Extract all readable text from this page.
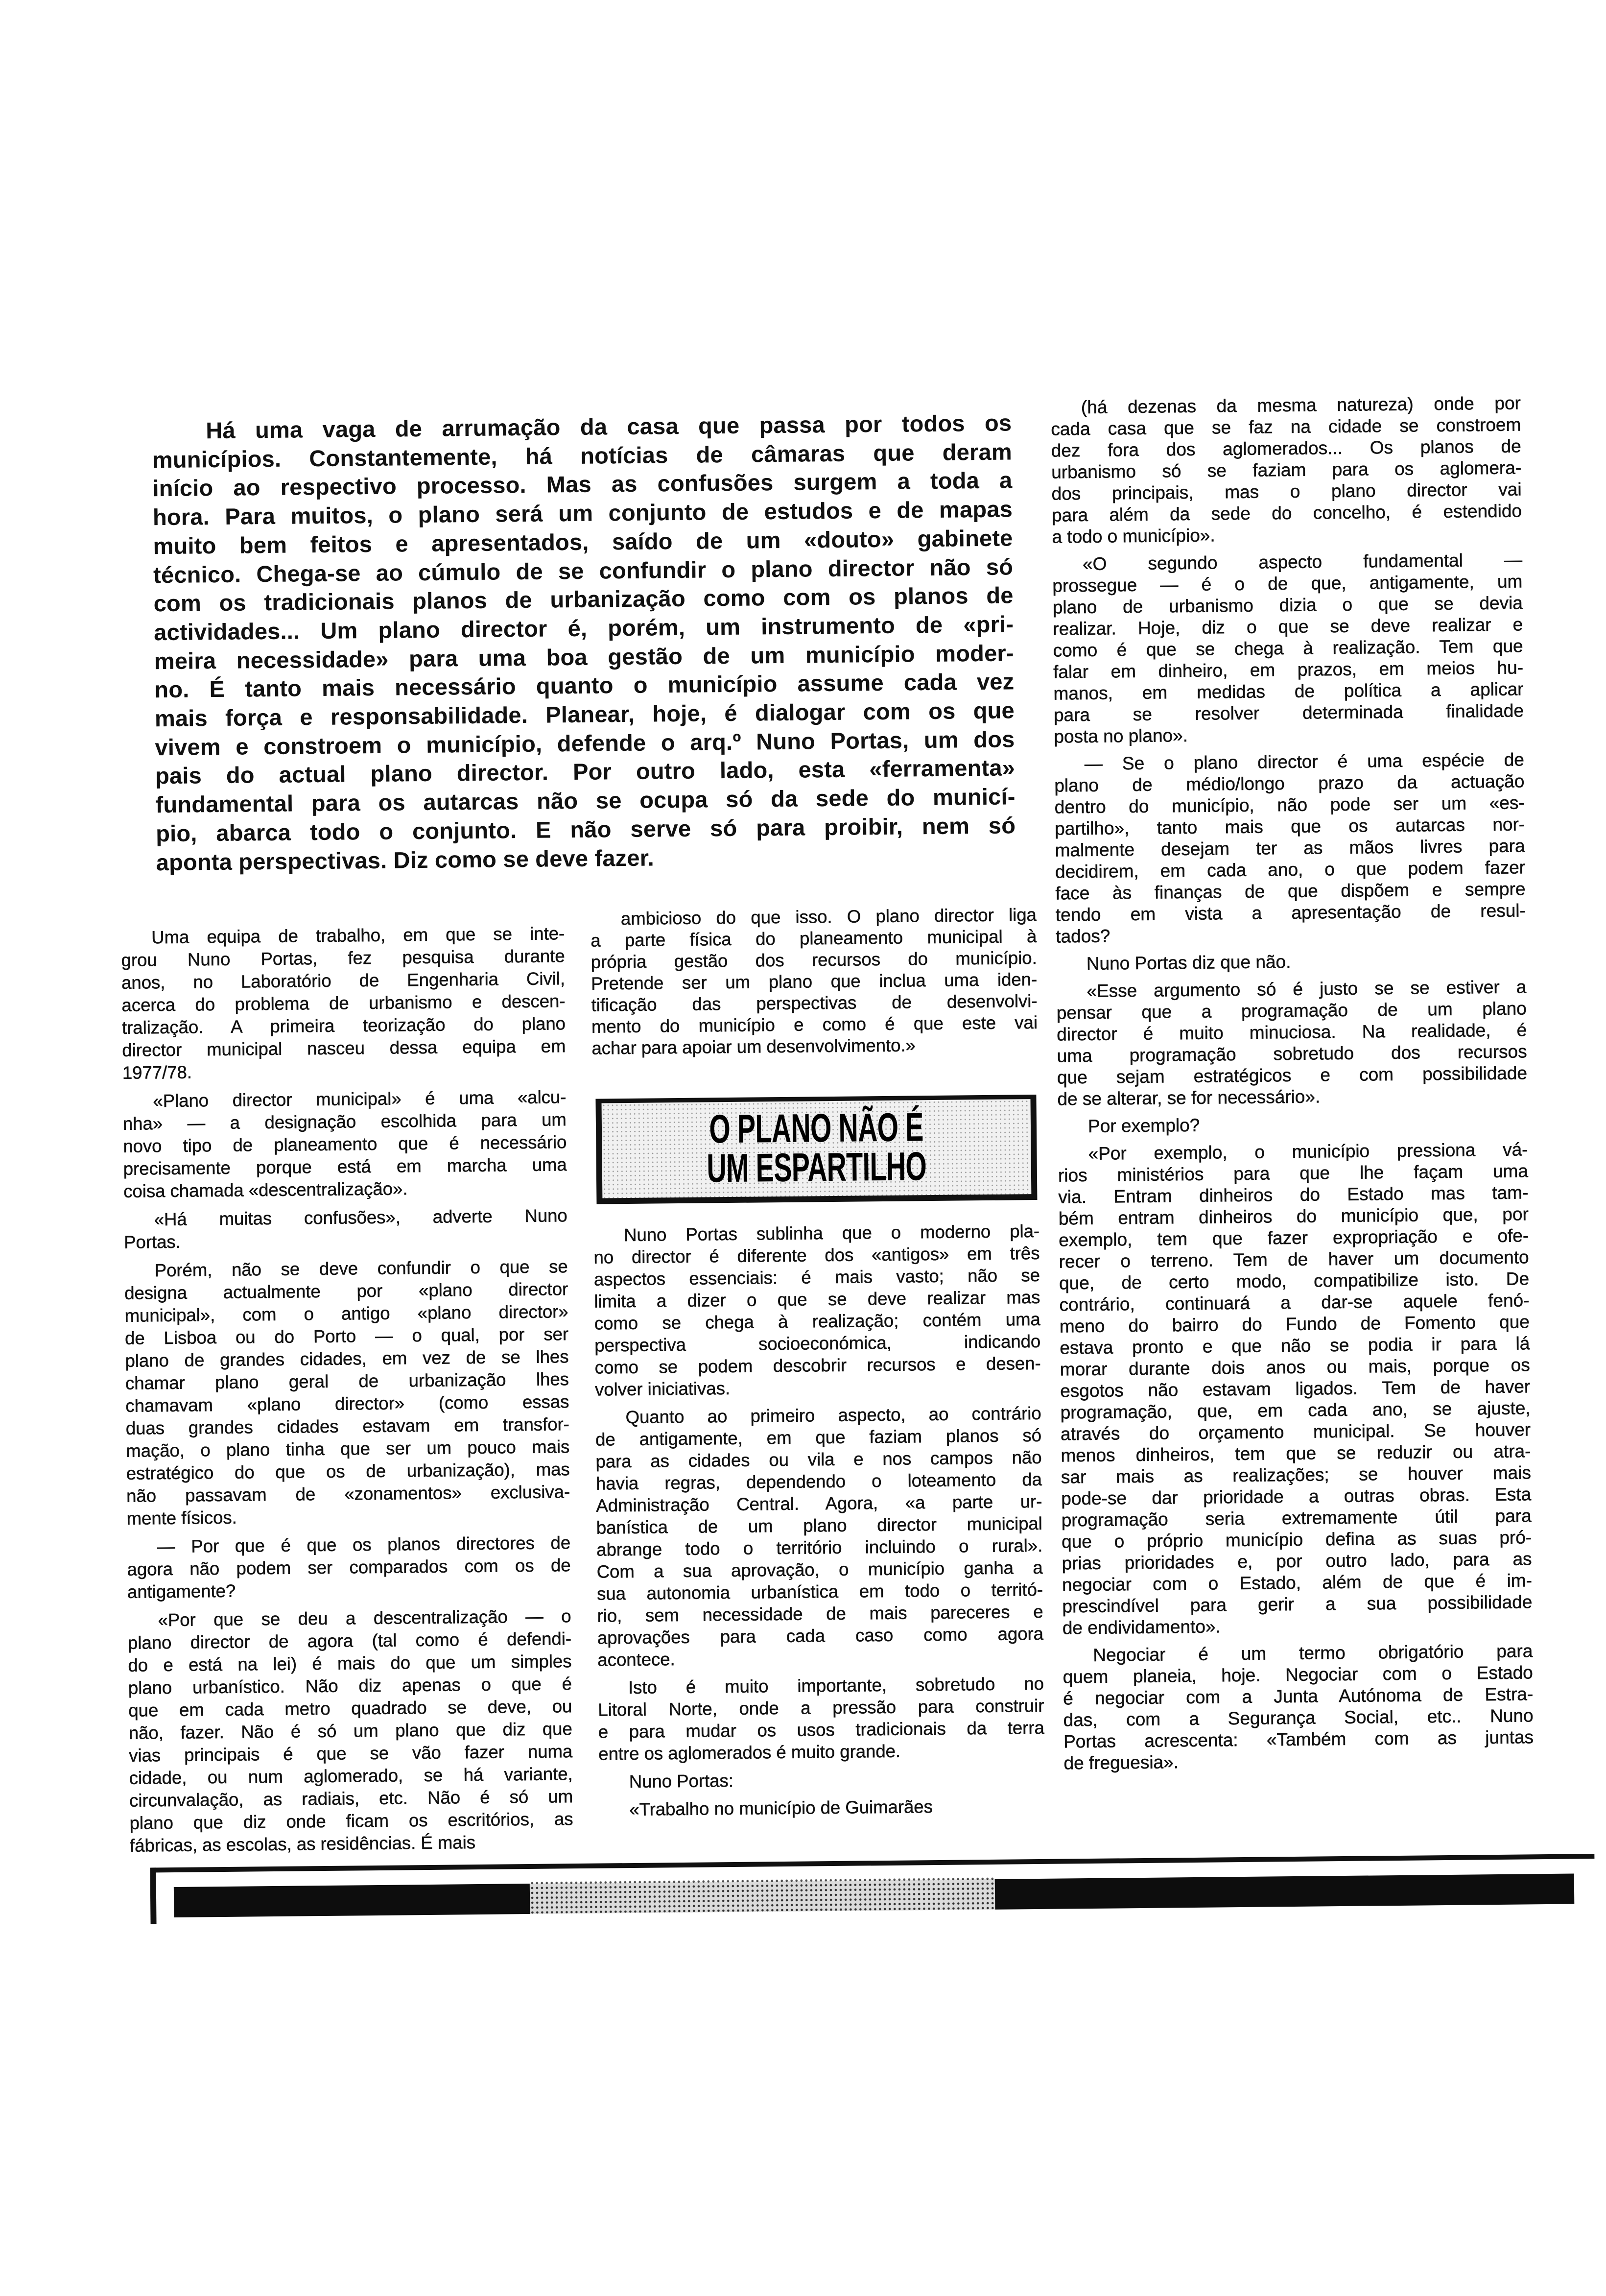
Há uma vaga de arrumação da casa que passa por todos os
municípios. Constantemente, há notícias de câmaras que deram
início ao respectivo processo. Mas as confusões surgem a toda a
hora. Para muitos, o plano será um conjunto de estudos e de mapas
muito bem feitos e apresentados, saído de um «douto» gabinete
técnico. Chega-se ao cúmulo de se confundir o plano director não só
com os tradicionais planos de urbanização como com os planos de
actividades... Um plano director é, porém, um instrumento de «pri-
meira necessidade» para uma boa gestão de um município moder-
no. É tanto mais necessário quanto o município assume cada vez
mais força e responsabilidade. Planear, hoje, é dialogar com os que
vivem e constroem o município, defende o arq.º Nuno Portas, um dos
pais do actual plano director. Por outro lado, esta «ferramenta»
fundamental para os autarcas não se ocupa só da sede do municí-
pio, abarca todo o conjunto. E não serve só para proibir, nem só
aponta perspectivas. Diz como se deve fazer.
Uma equipa de trabalho, em que se inte-
grou Nuno Portas, fez pesquisa durante
anos, no Laboratório de Engenharia Civil,
acerca do problema de urbanismo e descen-
tralização. A primeira teorização do plano
director municipal nasceu dessa equipa em
1977/78.
«Plano director municipal» é uma «alcu-
nha» — a designação escolhida para um
novo tipo de planeamento que é necessário
precisamente porque está em marcha uma
coisa chamada «descentralização».
«Há muitas confusões», adverte Nuno
Portas.
Porém, não se deve confundir o que se
designa actualmente por «plano director
municipal», com o antigo «plano director»
de Lisboa ou do Porto — o qual, por ser
plano de grandes cidades, em vez de se lhes
chamar plano geral de urbanização lhes
chamavam «plano director» (como essas
duas grandes cidades estavam em transfor-
mação, o plano tinha que ser um pouco mais
estratégico do que os de urbanização), mas
não passavam de «zonamentos» exclusiva-
mente físicos.
— Por que é que os planos directores de
agora não podem ser comparados com os de
antigamente?
«Por que se deu a descentralização — o
plano director de agora (tal como é defendi-
do e está na lei) é mais do que um simples
plano urbanístico. Não diz apenas o que é
que em cada metro quadrado se deve, ou
não, fazer. Não é só um plano que diz que
vias principais é que se vão fazer numa
cidade, ou num aglomerado, se há variante,
circunvalação, as radiais, etc. Não é só um
plano que diz onde ficam os escritórios, as
fábricas, as escolas, as residências. É mais
ambicioso do que isso. O plano director liga
a parte física do planeamento municipal à
própria gestão dos recursos do município.
Pretende ser um plano que inclua uma iden-
tificação das perspectivas de desenvolvi-
mento do município e como é que este vai
achar para apoiar um desenvolvimento.»
O PLANO NÃO É
UM ESPARTILHO
Nuno Portas sublinha que o moderno pla-
no director é diferente dos «antigos» em três
aspectos essenciais: é mais vasto; não se
limita a dizer o que se deve realizar mas
como se chega à realização; contém uma
perspectiva socioeconómica, indicando
como se podem descobrir recursos e desen-
volver iniciativas.
Quanto ao primeiro aspecto, ao contrário
de antigamente, em que faziam planos só
para as cidades ou vila e nos campos não
havia regras, dependendo o loteamento da
Administração Central. Agora, «a parte ur-
banística de um plano director municipal
abrange todo o território incluindo o rural».
Com a sua aprovação, o município ganha a
sua autonomia urbanística em todo o territó-
rio, sem necessidade de mais pareceres e
aprovações para cada caso como agora
acontece.
Isto é muito importante, sobretudo no
Litoral Norte, onde a pressão para construir
e para mudar os usos tradicionais da terra
entre os aglomerados é muito grande.
Nuno Portas:
«Trabalho no município de Guimarães
(há dezenas da mesma natureza) onde por
cada casa que se faz na cidade se constroem
dez fora dos aglomerados... Os planos de
urbanismo só se faziam para os aglomera-
dos principais, mas o plano director vai
para além da sede do concelho, é estendido
a todo o município».
«O segundo aspecto fundamental —
prossegue — é o de que, antigamente, um
plano de urbanismo dizia o que se devia
realizar. Hoje, diz o que se deve realizar e
como é que se chega à realização. Tem que
falar em dinheiro, em prazos, em meios hu-
manos, em medidas de política a aplicar
para se resolver determinada finalidade
posta no plano».
— Se o plano director é uma espécie de
plano de médio/longo prazo da actuação
dentro do município, não pode ser um «es-
partilho», tanto mais que os autarcas nor-
malmente desejam ter as mãos livres para
decidirem, em cada ano, o que podem fazer
face às finanças de que dispõem e sempre
tendo em vista a apresentação de resul-
tados?
Nuno Portas diz que não.
«Esse argumento só é justo se se estiver a
pensar que a programação de um plano
director é muito minuciosa. Na realidade, é
uma programação sobretudo dos recursos
que sejam estratégicos e com possibilidade
de se alterar, se for necessário».
Por exemplo?
«Por exemplo, o município pressiona vá-
rios ministérios para que lhe façam uma
via. Entram dinheiros do Estado mas tam-
bém entram dinheiros do município que, por
exemplo, tem que fazer expropriação e ofe-
recer o terreno. Tem de haver um documento
que, de certo modo, compatibilize isto. De
contrário, continuará a dar-se aquele fenó-
meno do bairro do Fundo de Fomento que
estava pronto e que não se podia ir para lá
morar durante dois anos ou mais, porque os
esgotos não estavam ligados. Tem de haver
programação, que, em cada ano, se ajuste,
através do orçamento municipal. Se houver
menos dinheiros, tem que se reduzir ou atra-
sar mais as realizações; se houver mais
pode-se dar prioridade a outras obras. Esta
programação seria extremamente útil para
que o próprio município defina as suas pró-
prias prioridades e, por outro lado, para as
negociar com o Estado, além de que é im-
prescindível para gerir a sua possibilidade
de endividamento».
Negociar é um termo obrigatório para
quem planeia, hoje. Negociar com o Estado
é negociar com a Junta Autónoma de Estra-
das, com a Segurança Social, etc.. Nuno
Portas acrescenta: «Também com as juntas
de freguesia».
